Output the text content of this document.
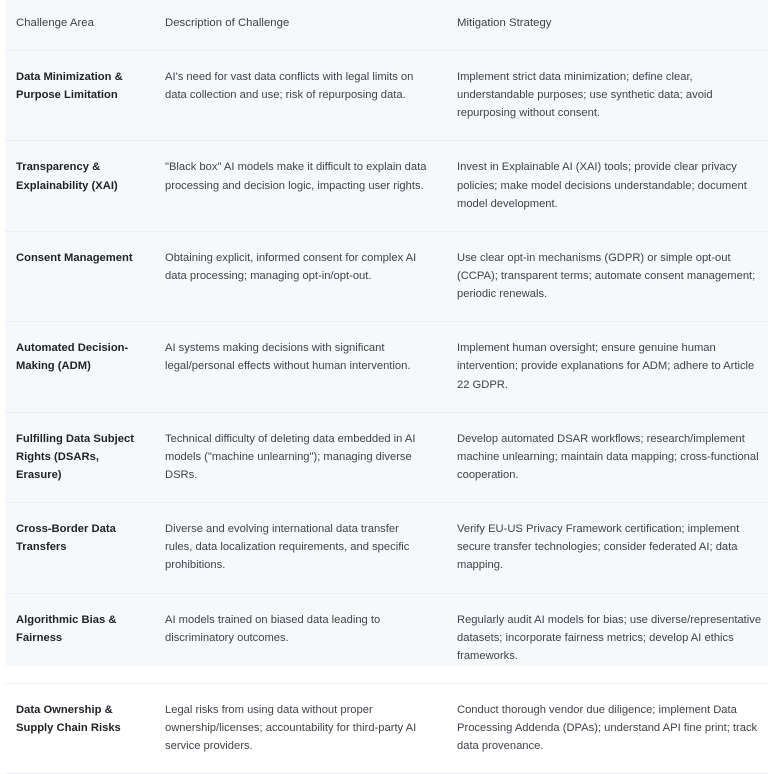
Challenge Area	Description of Challenge	Mitigation Strategy
Data Minimization & Purpose Limitation	AI's need for vast data conflicts with legal limits on data collection and use; risk of repurposing data.	Implement strict data minimization; define clear, understandable purposes; use synthetic data; avoid repurposing without consent.
Transparency & Explainability (XAI)	"Black box" AI models make it difficult to explain data processing and decision logic, impacting user rights.	Invest in Explainable AI (XAI) tools; provide clear privacy policies; make model decisions understandable; document model development.
Consent Management	Obtaining explicit, informed consent for complex AI data processing; managing opt-in/opt-out.	Use clear opt-in mechanisms (GDPR) or simple opt-out (CCPA); transparent terms; automate consent management; periodic renewals.
Automated Decision-Making (ADM)	AI systems making decisions with significant legal/personal effects without human intervention.	Implement human oversight; ensure genuine human intervention; provide explanations for ADM; adhere to Article 22 GDPR.
Fulfilling Data Subject Rights (DSARs, Erasure)	Technical difficulty of deleting data embedded in AI models ("machine unlearning"); managing diverse DSRs.	Develop automated DSAR workflows; research/implement machine unlearning; maintain data mapping; cross-functional cooperation.
Cross-Border Data Transfers	Diverse and evolving international data transfer rules, data localization requirements, and specific prohibitions.	Verify EU-US Privacy Framework certification; implement secure transfer technologies; consider federated AI; data mapping.
Algorithmic Bias & Fairness	AI models trained on biased data leading to discriminatory outcomes.	Regularly audit AI models for bias; use diverse/representative datasets; incorporate fairness metrics; develop AI ethics frameworks.
Data Ownership & Supply Chain Risks	Legal risks from using data without proper ownership/licenses; accountability for third-party AI service providers.	Conduct thorough vendor due diligence; implement Data Processing Addenda (DPAs); understand API fine print; track data provenance.
